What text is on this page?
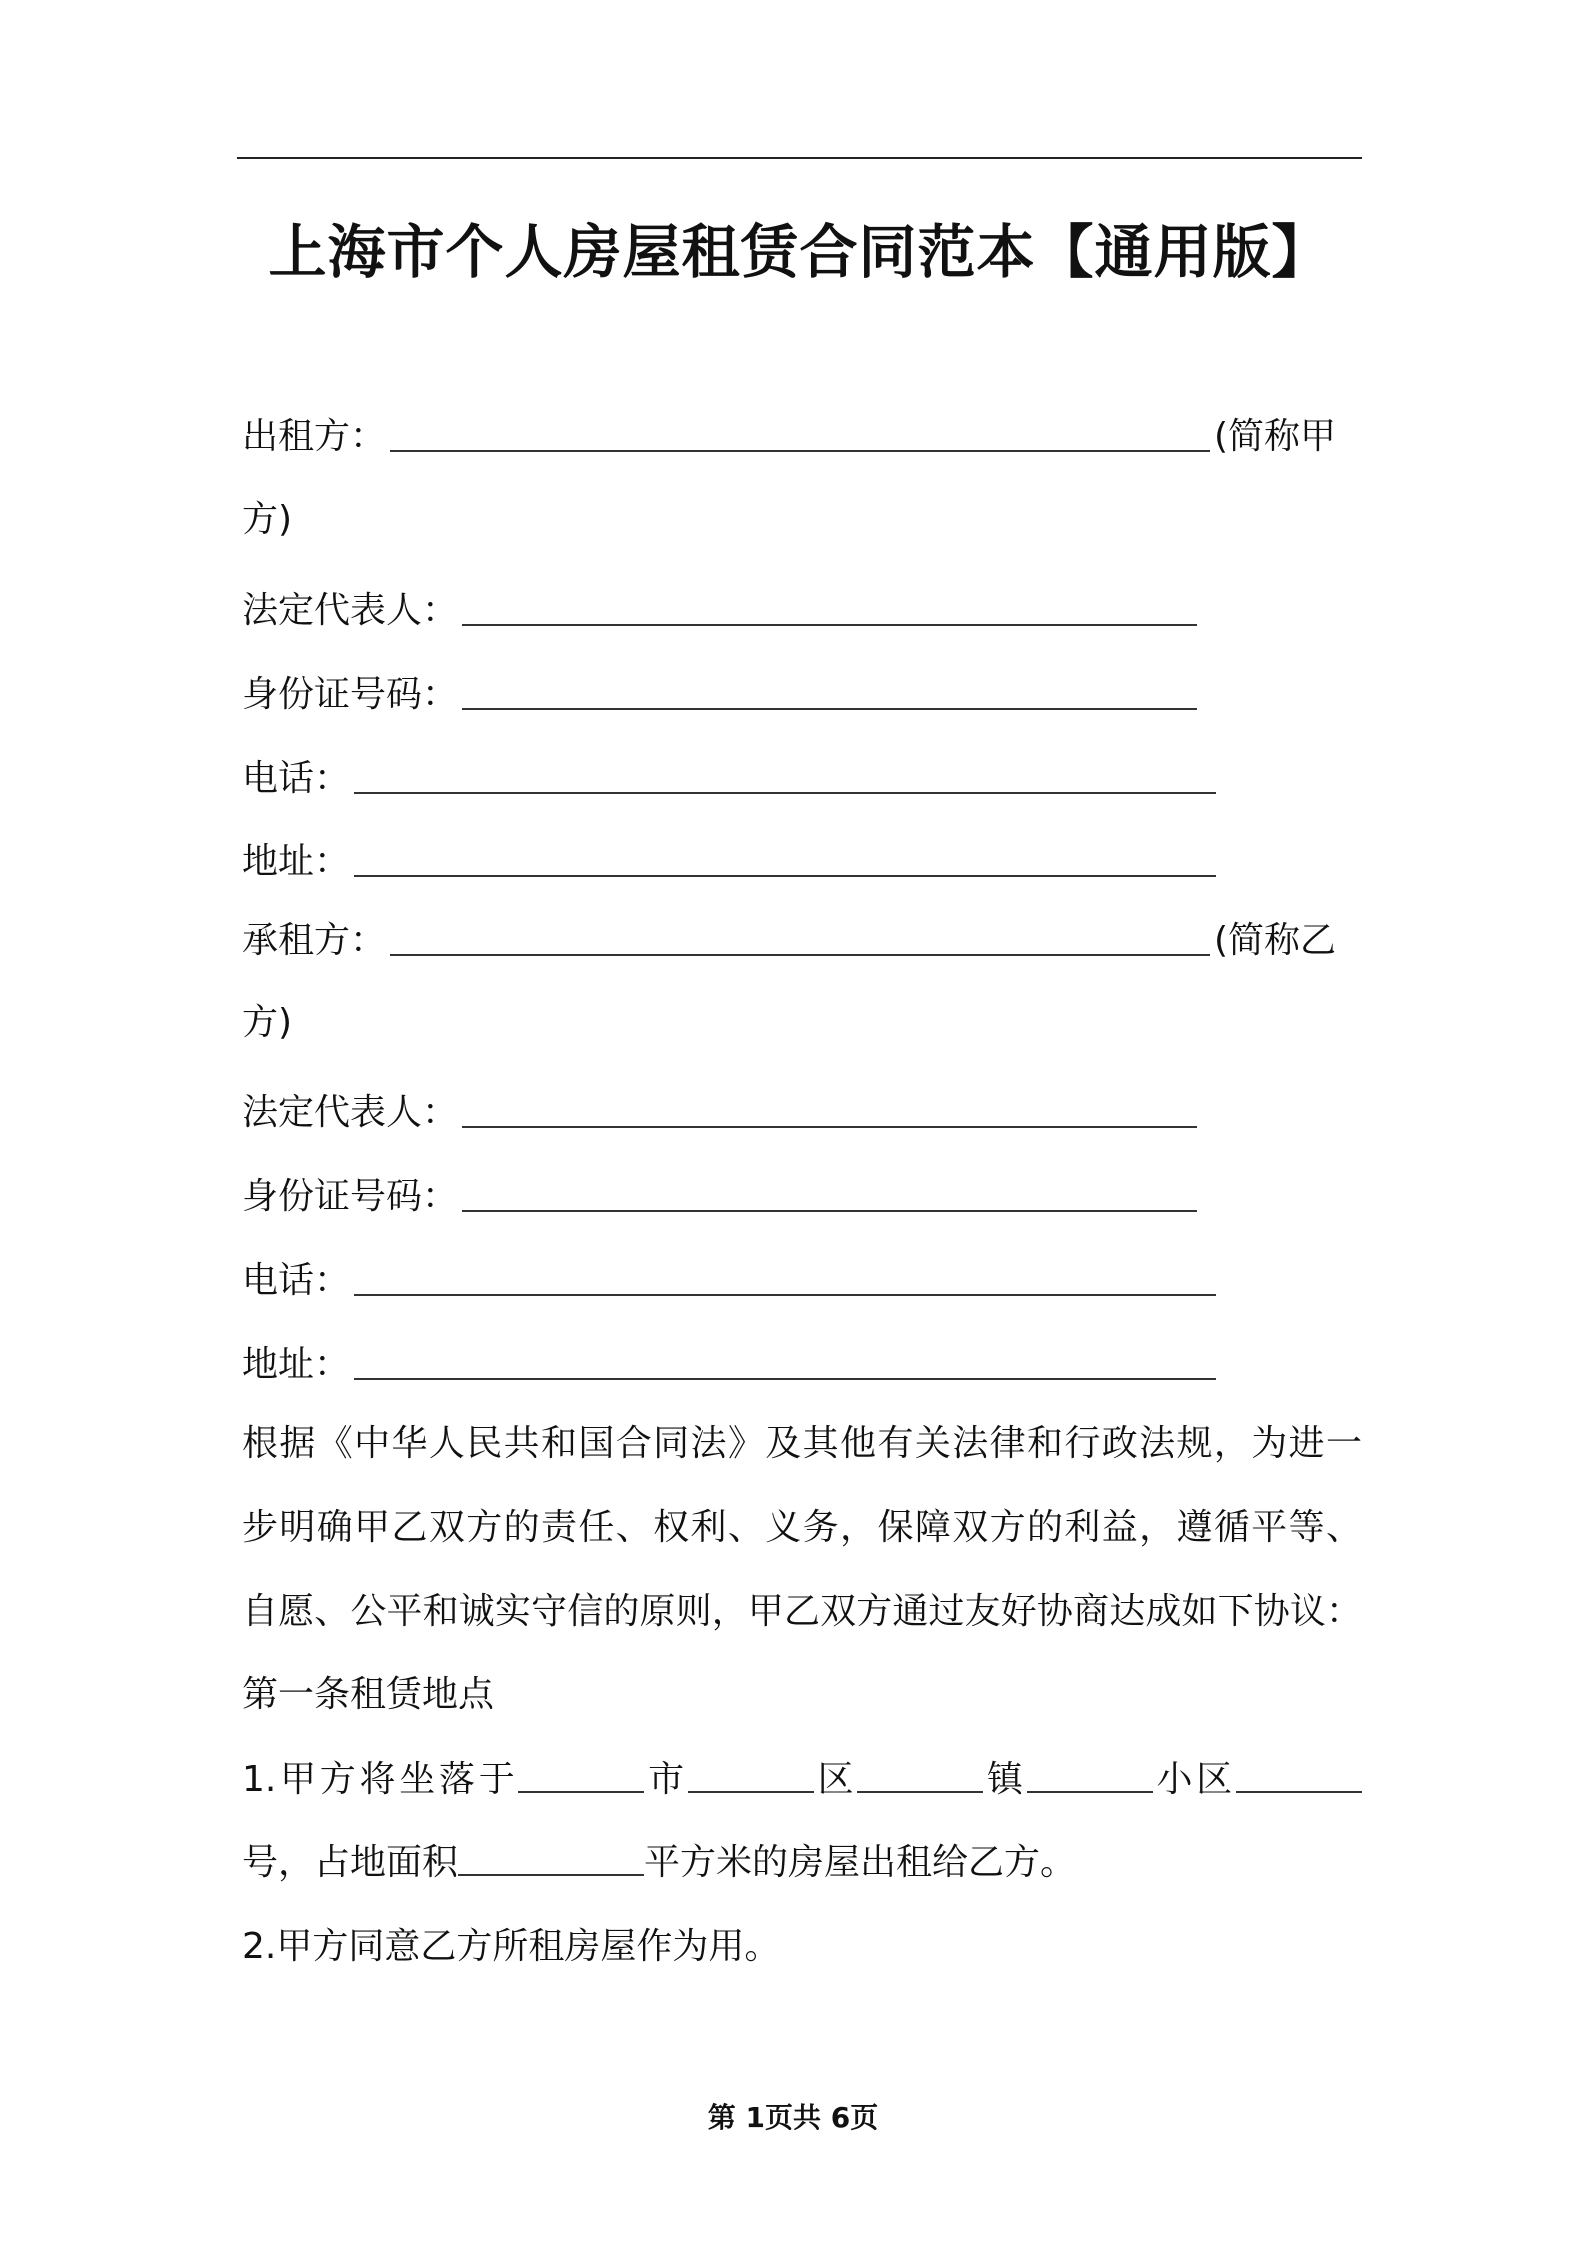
上海市个人房屋租赁合同范本【通用版】
出租方：	(简称甲
方)
法定代表人：
身份证号码：
电话：
地址：
承租方：	(简称乙
方)
法定代表人：
身份证号码：
电话：
地址：
根据《中华人民共和国合同法》及其他有关法律和行政法规，为进一
步明确甲乙双方的责任、权利、义务，保障双方的利益，遵循平等、
自愿、公平和诚实守信的原则，甲乙双方通过友好协商达成如下协议：
第一条租赁地点
1.甲方将坐落于	市	区	镇	小区
号，占地面积	平方米的房屋出租给乙方。
2.甲方同意乙方所租房屋作为用。
第 1页共 6页
